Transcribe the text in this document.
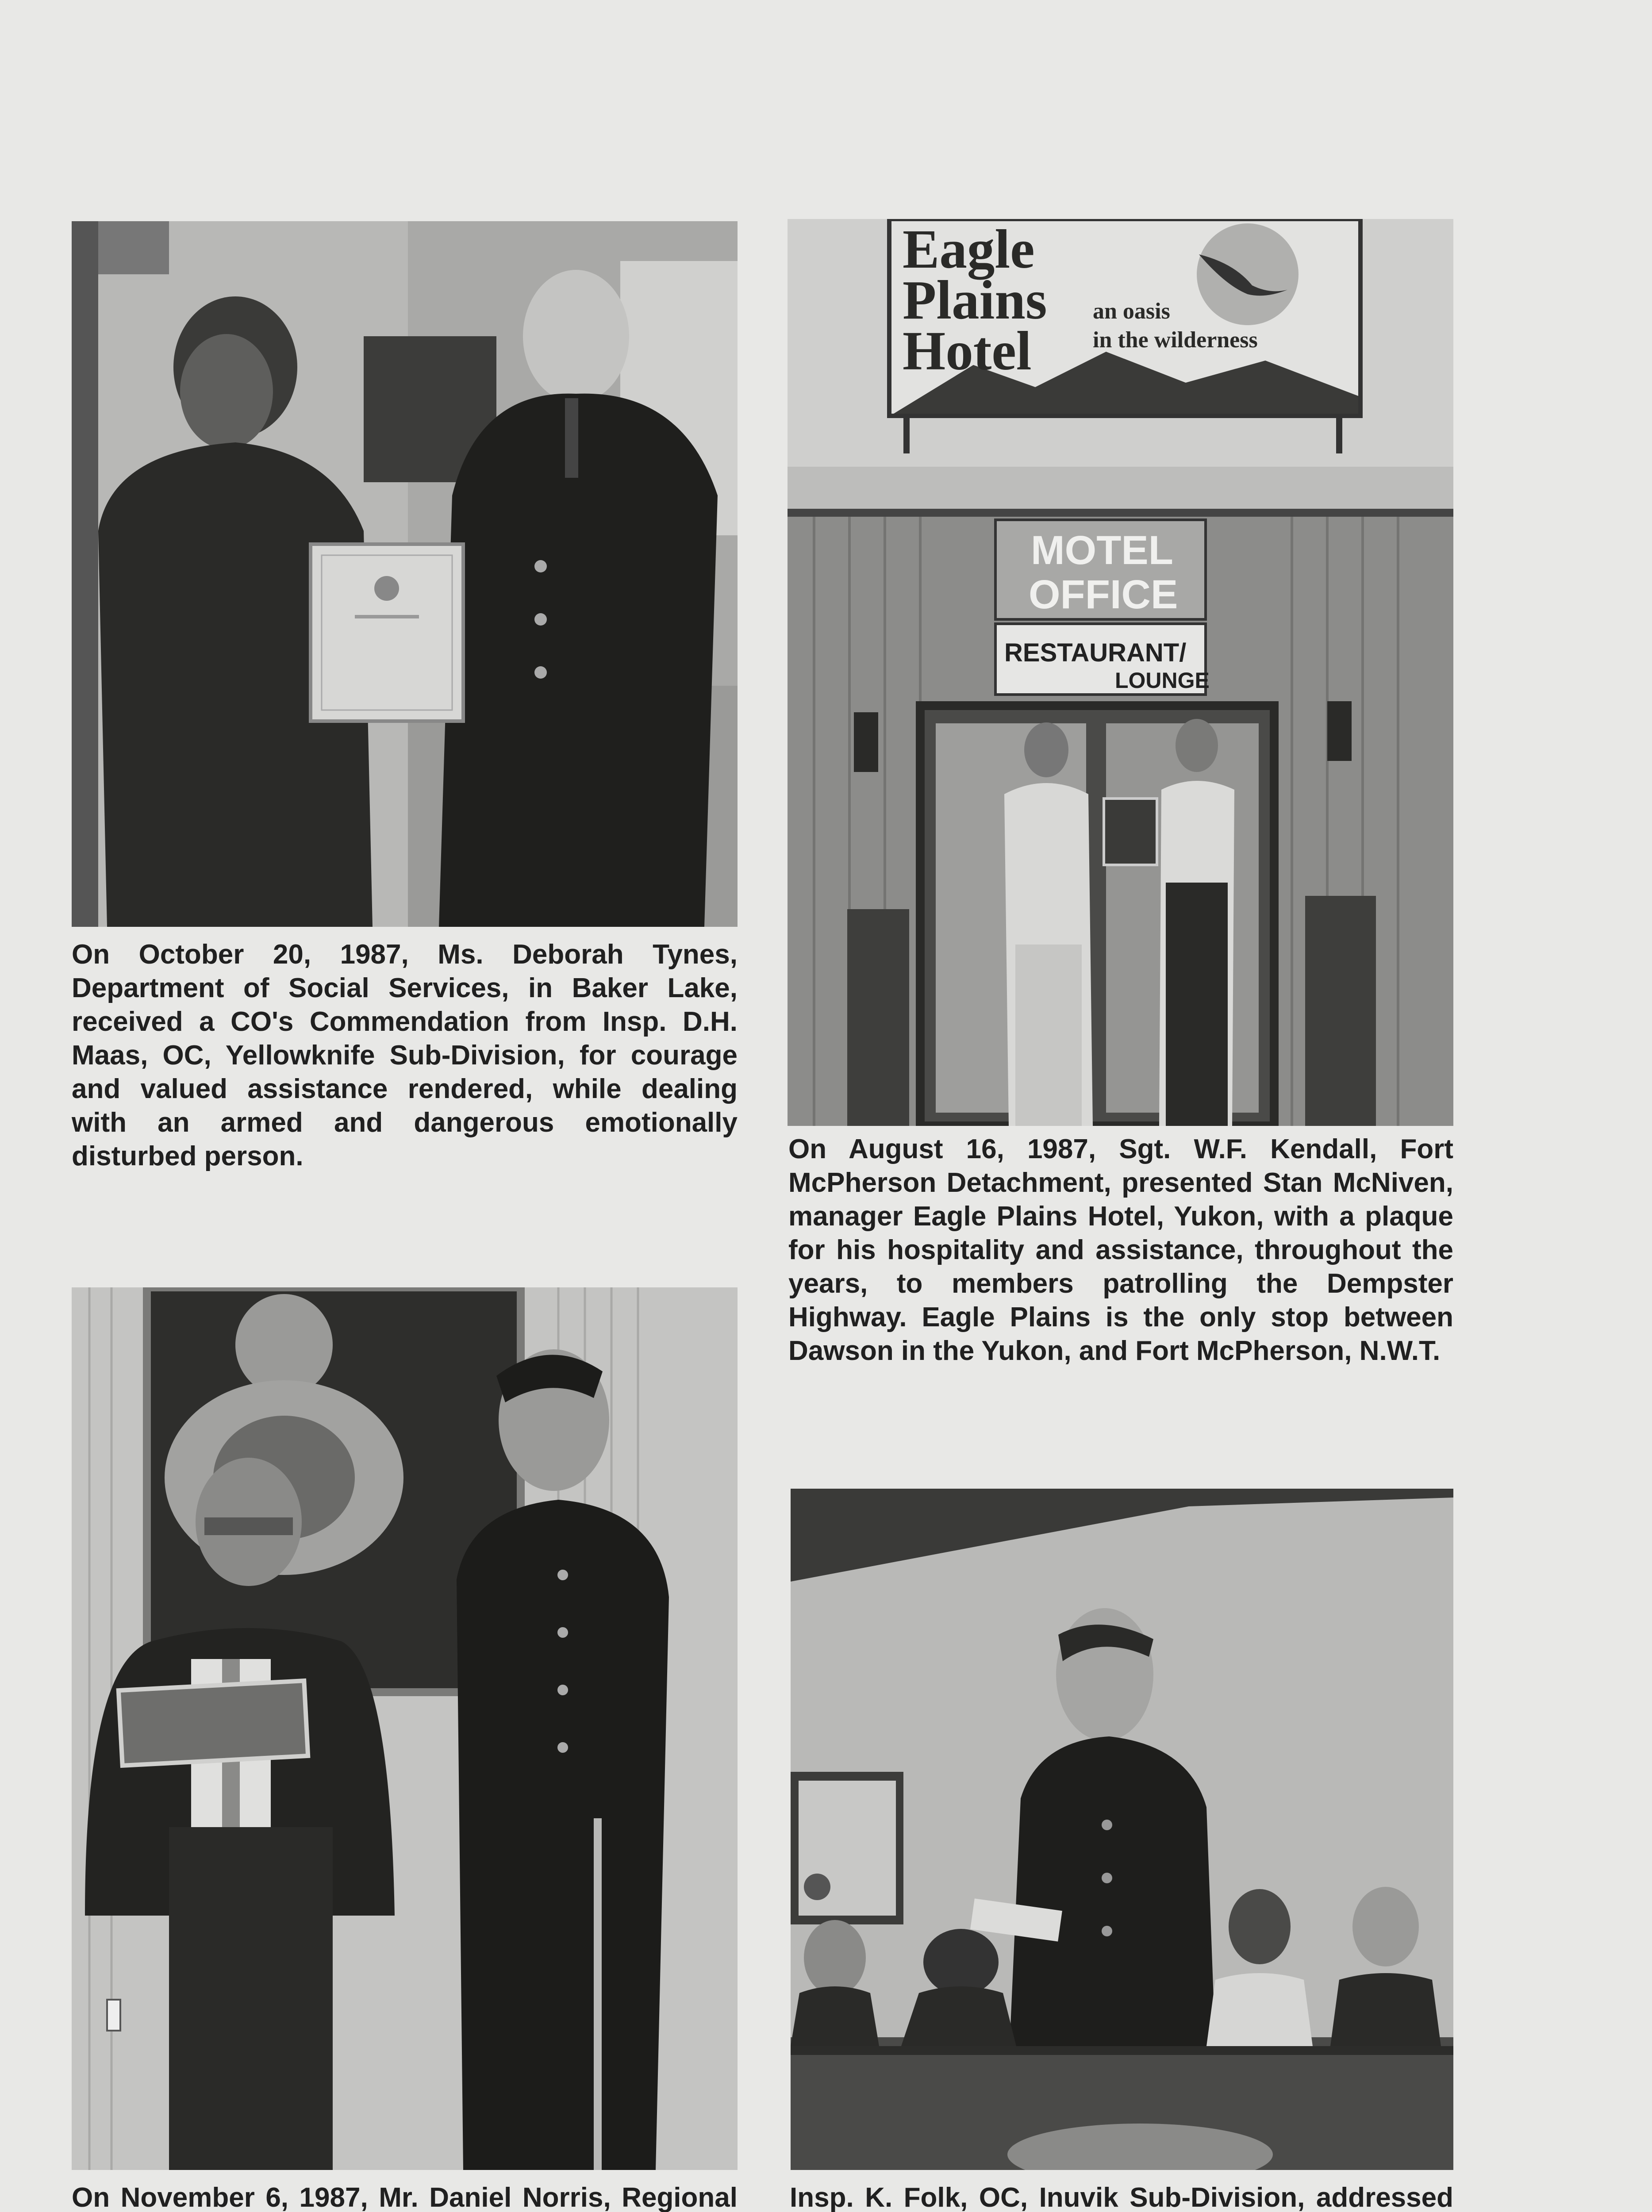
On October 20, 1987, Ms. Deborah Tynes, Department of Social Services, in Baker Lake, received a CO's Commendation from Insp. D.H. Maas, OC, Yellowknife Sub-Division, for courage and valued assistance rendered, while dealing with an armed and dangerous emotionally disturbed person.

Eagle
Plains
Hotel
an oasis
in the wilderness
MOTEL
OFFICE
RESTAURANT/
LOUNGE

On August 16, 1987, Sgt. W.F. Kendall, Fort McPherson Detachment, presented Stan McNiven, manager Eagle Plains Hotel, Yukon, with a plaque for his hospitality and assistance, throughout the years, to members patrolling the Dempster Highway. Eagle Plains is the only stop between Dawson in the Yukon, and Fort McPherson, N.W.T.

On November 6, 1987, Mr. Daniel Norris, Regional Insp. K. Folk, OC, Inuvik Sub-Division, addressed
